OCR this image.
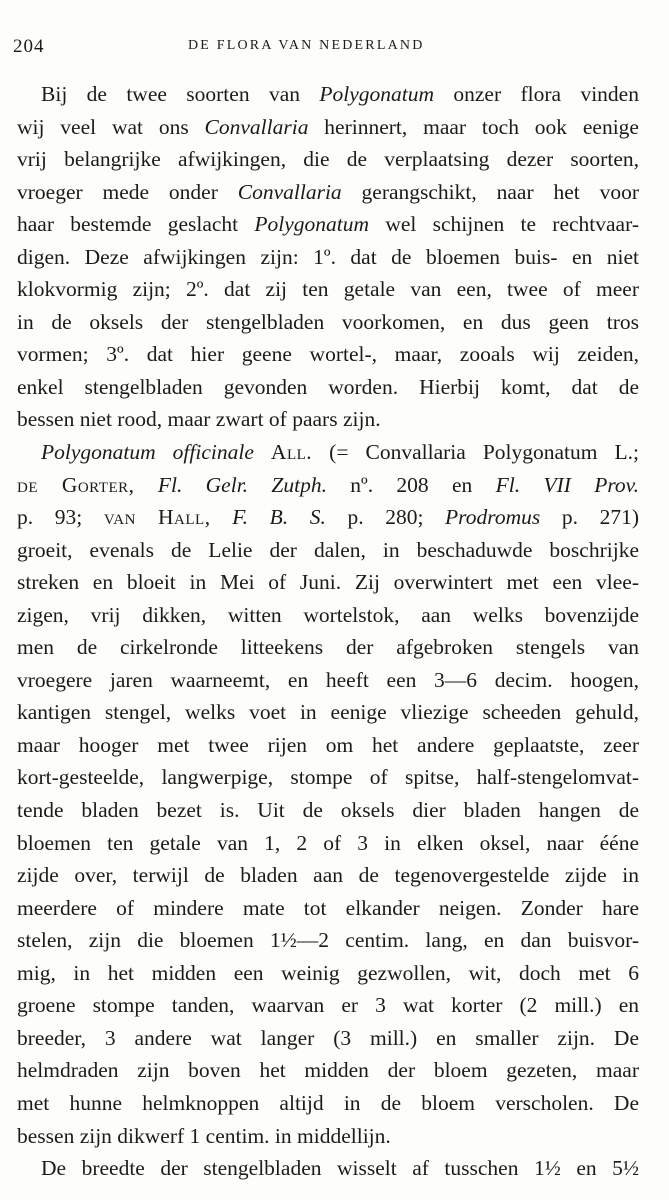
204	DE FLORA VAN NEDERLAND
Bij de twee soorten van Polygonatum onzer flora vinden
wij veel wat ons Convallaria herinnert, maar toch ook eenige
vrij belangrijke afwijkingen, die de verplaatsing dezer soorten,
vroeger mede onder Convallaria gerangschikt, naar het voor
haar bestemde geslacht Polygonatum wel schijnen te rechtvaar-
digen. Deze afwijkingen zijn: 1º. dat de bloemen buis- en niet
klokvormig zijn; 2º. dat zij ten getale van een, twee of meer
in de oksels der stengelbladen voorkomen, en dus geen tros
vormen; 3º. dat hier geene wortel-, maar, zooals wij zeiden,
enkel stengelbladen gevonden worden. Hierbij komt, dat de
bessen niet rood, maar zwart of paars zijn.
Polygonatum officinale All. (= Convallaria Polygonatum L.;
de Gorter, Fl. Gelr. Zutph. nº. 208 en Fl. VII Prov.
p. 93; van Hall, F. B. S. p. 280; Prodromus p. 271)
groeit, evenals de Lelie der dalen, in beschaduwde boschrijke
streken en bloeit in Mei of Juni. Zij overwintert met een vlee-
zigen, vrij dikken, witten wortelstok, aan welks bovenzijde
men de cirkelronde litteekens der afgebroken stengels van
vroegere jaren waarneemt, en heeft een 3—6 decim. hoogen,
kantigen stengel, welks voet in eenige vliezige scheeden gehuld,
maar hooger met twee rijen om het andere geplaatste, zeer
kort-gesteelde, langwerpige, stompe of spitse, half-stengelomvat-
tende bladen bezet is. Uit de oksels dier bladen hangen de
bloemen ten getale van 1, 2 of 3 in elken oksel, naar ééne
zijde over, terwijl de bladen aan de tegenovergestelde zijde in
meerdere of mindere mate tot elkander neigen. Zonder hare
stelen, zijn die bloemen 1½—2 centim. lang, en dan buisvor-
mig, in het midden een weinig gezwollen, wit, doch met 6
groene stompe tanden, waarvan er 3 wat korter (2 mill.) en
breeder, 3 andere wat langer (3 mill.) en smaller zijn. De
helmdraden zijn boven het midden der bloem gezeten, maar
met hunne helmknoppen altijd in de bloem verscholen. De
bessen zijn dikwerf 1 centim. in middellijn.
De breedte der stengelbladen wisselt af tusschen 1½ en 5½
